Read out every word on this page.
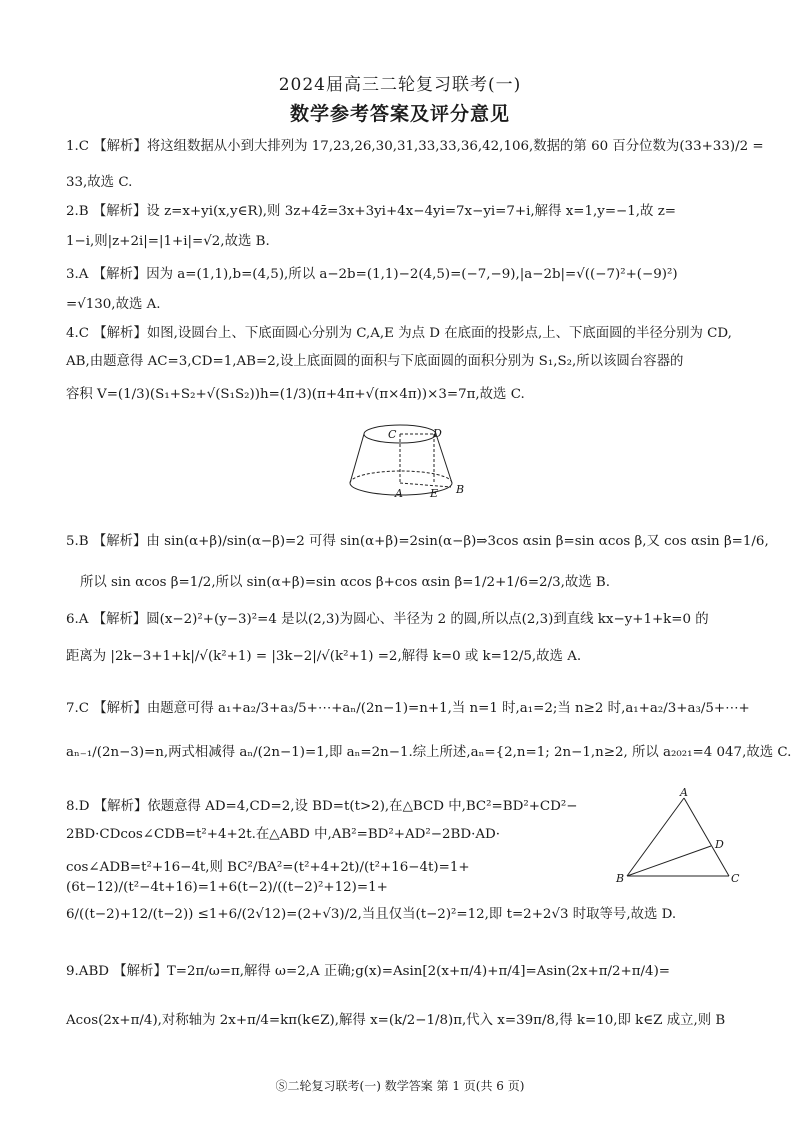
2024届高三二轮复习联考(一)
数学参考答案及评分意见
1.C 【解析】将这组数据从小到大排列为 17,23,26,30,31,33,33,36,42,106,数据的第 60 百分位数为(33+33)/2 =
33,故选 C.
2.B 【解析】设 z=x+yi(x,y∈R),则 3z+4z̄=3x+3yi+4x−4yi=7x−yi=7+i,解得 x=1,y=−1,故 z=
1−i,则|z+2i|=|1+i|=√2,故选 B.
3.A 【解析】因为 a=(1,1),b=(4,5),所以 a−2b=(1,1)−2(4,5)=(−7,−9),|a−2b|=√((−7)²+(−9)²)
=√130,故选 A.
4.C 【解析】如图,设圆台上、下底面圆心分别为 C,A,E 为点 D 在底面的投影点,上、下底面圆的半径分别为 CD,
AB,由题意得 AC=3,CD=1,AB=2,设上底面圆的面积与下底面圆的面积分别为 S₁,S₂,所以该圆台容器的
容积 V=(1/3)(S₁+S₂+√(S₁S₂))h=(1/3)(π+4π+√(π×4π))×3=7π,故选 C.
C	D
A E B
5.B 【解析】由 sin(α+β)/sin(α−β)=2 可得 sin(α+β)=2sin(α−β)⇒3cos αsin β=sin αcos β,又 cos αsin β=1/6,
所以 sin αcos β=1/2,所以 sin(α+β)=sin αcos β+cos αsin β=1/2+1/6=2/3,故选 B.
6.A 【解析】圆(x−2)²+(y−3)²=4 是以(2,3)为圆心、半径为 2 的圆,所以点(2,3)到直线 kx−y+1+k=0 的
距离为 |2k−3+1+k|/√(k²+1) = |3k−2|/√(k²+1) =2,解得 k=0 或 k=12/5,故选 A.
7.C 【解析】由题意可得 a₁+a₂/3+a₃/5+⋯+aₙ/(2n−1)=n+1,当 n=1 时,a₁=2;当 n≥2 时,a₁+a₂/3+a₃/5+⋯+
aₙ₋₁/(2n−3)=n,两式相减得 aₙ/(2n−1)=1,即 aₙ=2n−1.综上所述,aₙ={2,n=1; 2n−1,n≥2, 所以 a₂₀₂₁=4 047,故选 C.
8.D 【解析】依题意得 AD=4,CD=2,设 BD=t(t>2),在△BCD 中,BC²=BD²+CD²−
2BD·CDcos∠CDB=t²+4+2t.在△ABD 中,AB²=BD²+AD²−2BD·AD·
cos∠ADB=t²+16−4t,则 BC²/BA²=(t²+4+2t)/(t²+16−4t)=1+(6t−12)/(t²−4t+16)=1+6(t−2)/((t−2)²+12)=1+
6/((t−2)+12/(t−2)) ≤1+6/(2√12)=(2+√3)/2,当且仅当(t−2)²=12,即 t=2+2√3 时取等号,故选 D.
A
D
B	C
9.ABD 【解析】T=2π/ω=π,解得 ω=2,A 正确;g(x)=Asin[2(x+π/4)+π/4]=Asin(2x+π/2+π/4)=
Acos(2x+π/4),对称轴为 2x+π/4=kπ(k∈Z),解得 x=(k/2−1/8)π,代入 x=39π/8,得 k=10,即 k∈Z 成立,则 B
Ⓢ二轮复习联考(一) 数学答案 第 1 页(共 6 页)
